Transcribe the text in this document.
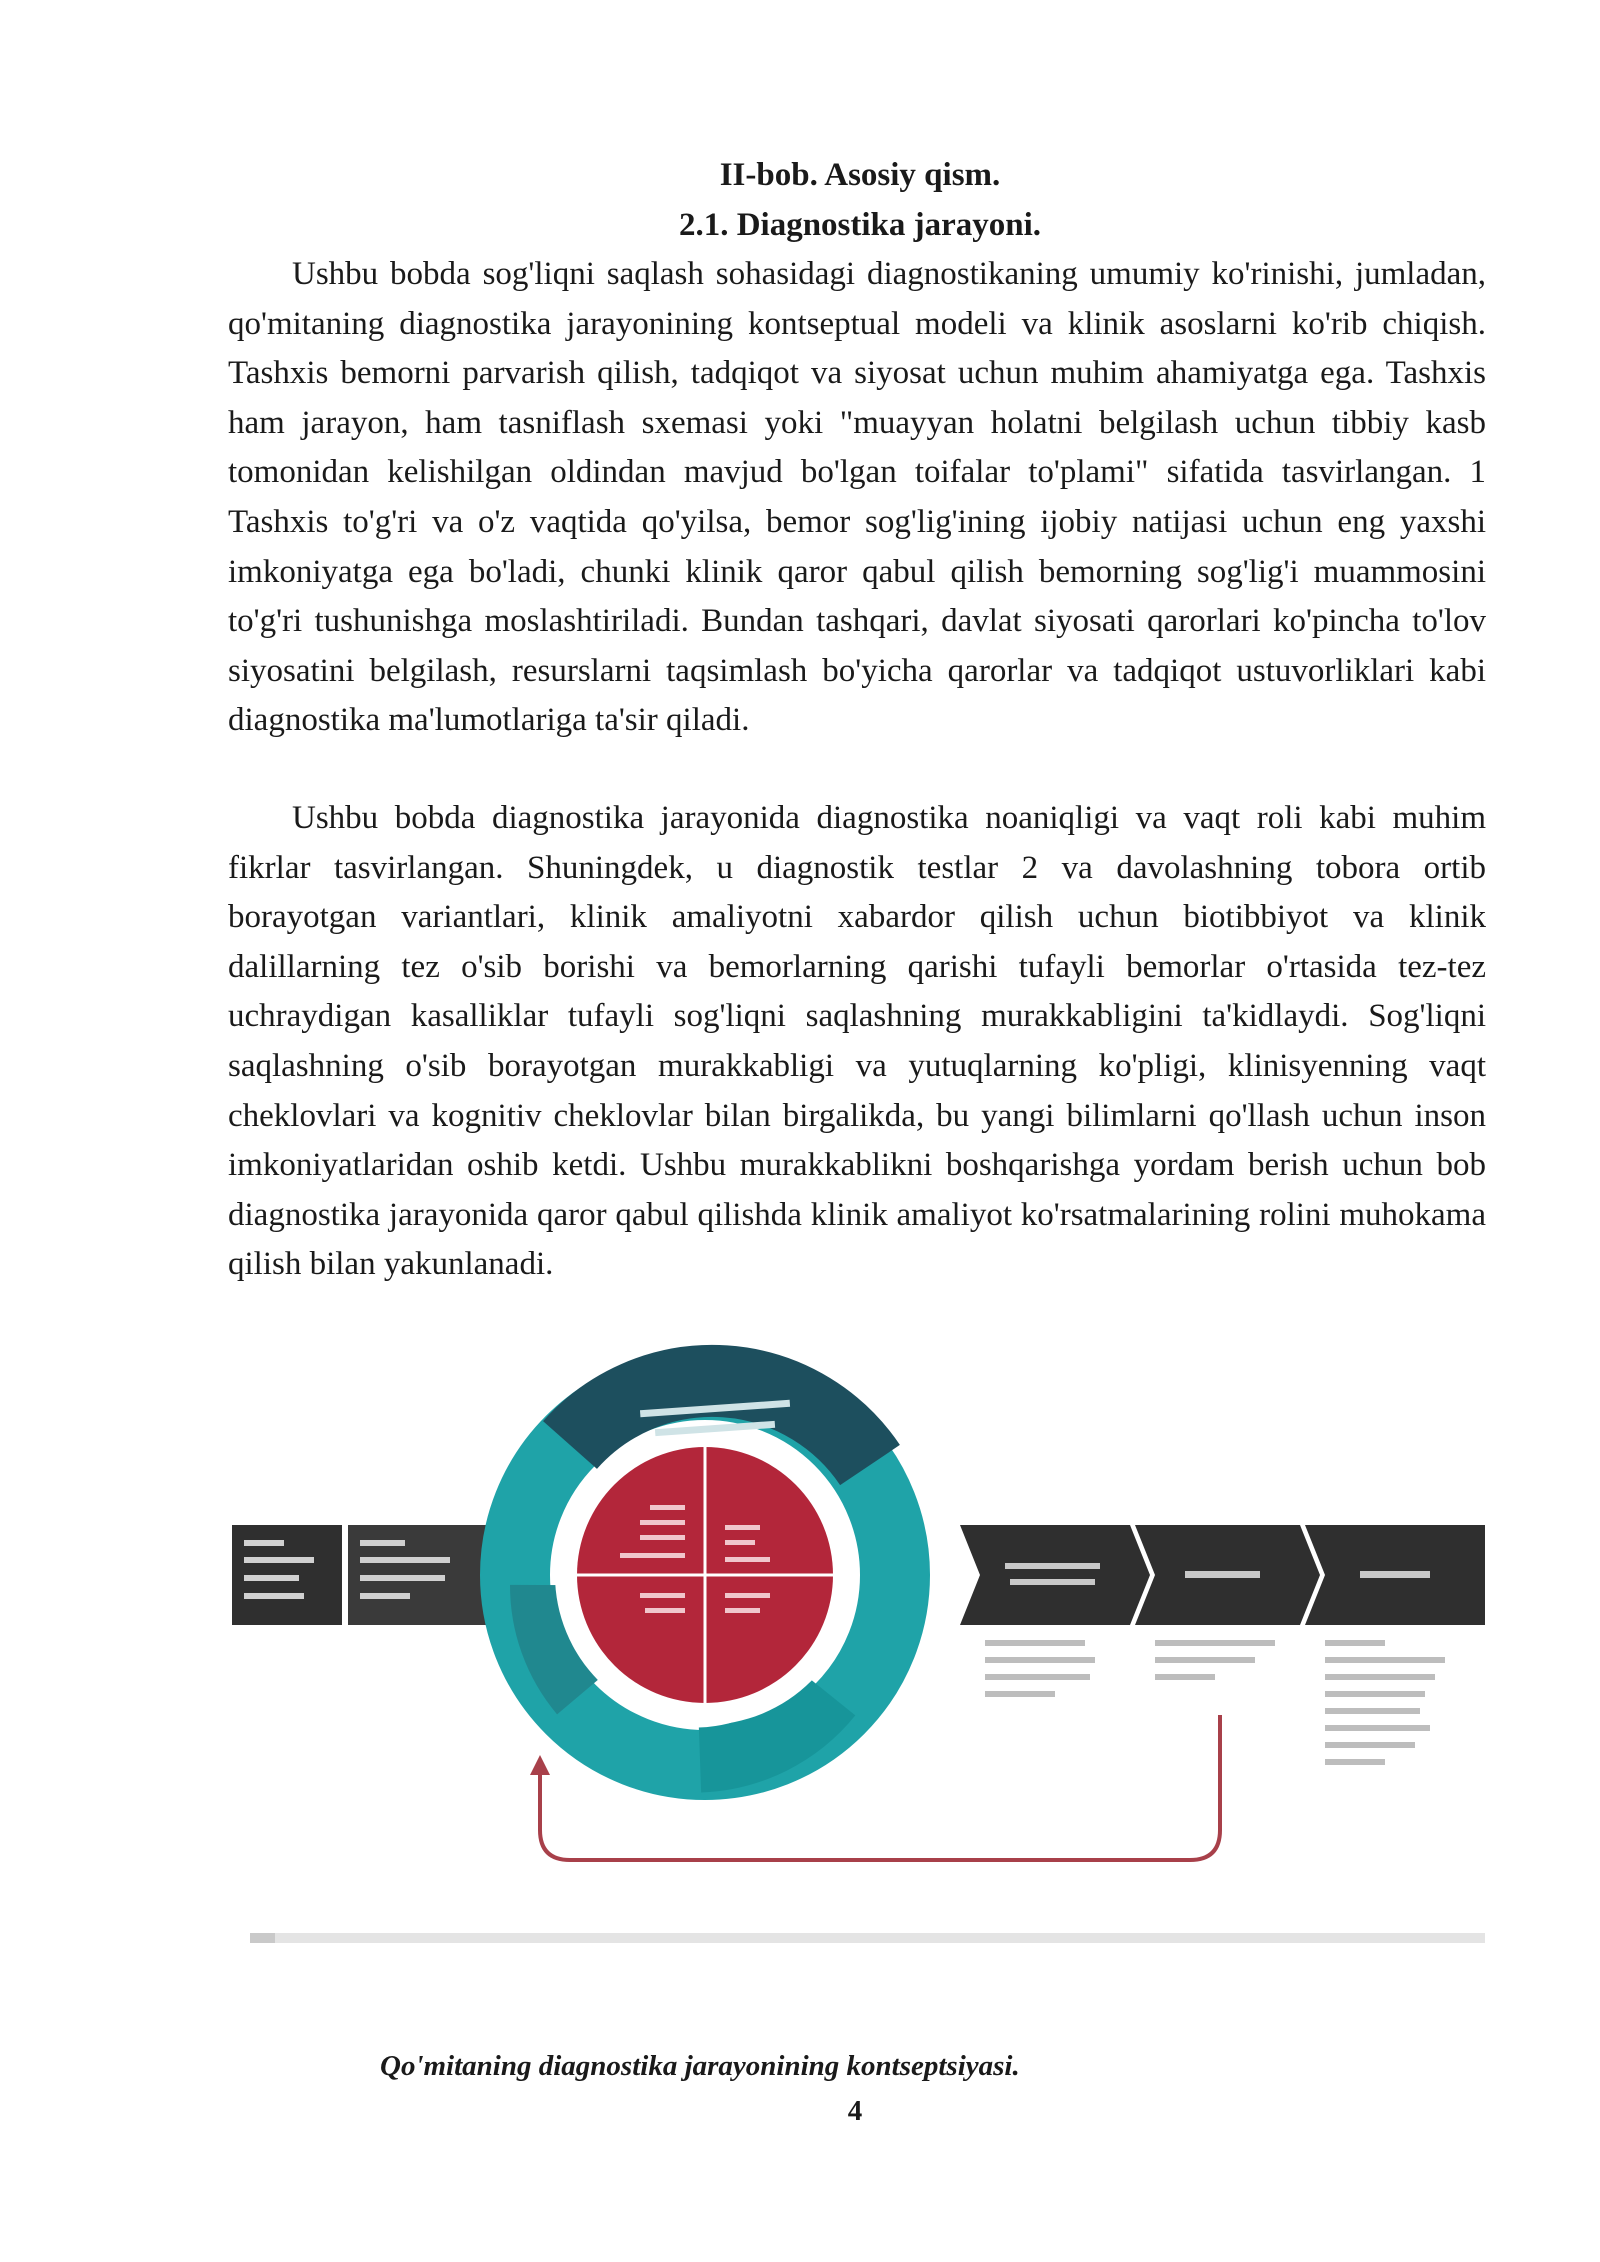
II-bob. Asosiy qism.
2.1. Diagnostika jarayoni.

Ushbu bobda sog'liqni saqlash sohasidagi diagnostikaning umumiy ko'rinishi, jumladan, qo'mitaning diagnostika jarayonining kontseptual modeli va klinik asoslarni ko'rib chiqish. Tashxis bemorni parvarish qilish, tadqiqot va siyosat uchun muhim ahamiyatga ega. Tashxis ham jarayon, ham tasniflash sxemasi yoki "muayyan holatni belgilash uchun tibbiy kasb tomonidan kelishilgan oldindan mavjud bo'lgan toifalar to'plami" sifatida tasvirlangan. 1 Tashxis to'g'ri va o'z vaqtida qo'yilsa, bemor sog'lig'ining ijobiy natijasi uchun eng yaxshi imkoniyatga ega bo'ladi, chunki klinik qaror qabul qilish bemorning sog'lig'i muammosini to'g'ri tushunishga moslashtiriladi. Bundan tashqari, davlat siyosati qarorlari ko'pincha to'lov siyosatini belgilash, resurslarni taqsimlash bo'yicha qarorlar va tadqiqot ustuvorliklari kabi diagnostika ma'lumotlariga ta'sir qiladi.

Ushbu bobda diagnostika jarayonida diagnostika noaniqligi va vaqt roli kabi muhim fikrlar tasvirlangan. Shuningdek, u diagnostik testlar 2 va davolashning tobora ortib borayotgan variantlari, klinik amaliyotni xabardor qilish uchun biotibbiyot va klinik dalillarning tez o'sib borishi va bemorlarning qarishi tufayli bemorlar o'rtasida tez-tez uchraydigan kasalliklar tufayli sog'liqni saqlashning murakkabligini ta'kidlaydi. Sog'liqni saqlashning o'sib borayotgan murakkabligi va yutuqlarning ko'pligi, klinisyenning vaqt cheklovlari va kognitiv cheklovlar bilan birgalikda, bu yangi bilimlarni qo'llash uchun inson imkoniyatlaridan oshib ketdi. Ushbu murakkablikni boshqarishga yordam berish uchun bob diagnostika jarayonida qaror qabul qilishda klinik amaliyot ko'rsatmalarining rolini muhokama qilish bilan yakunlanadi.

Qo'mitaning diagnostika jarayonining kontseptsiyasi.
4
